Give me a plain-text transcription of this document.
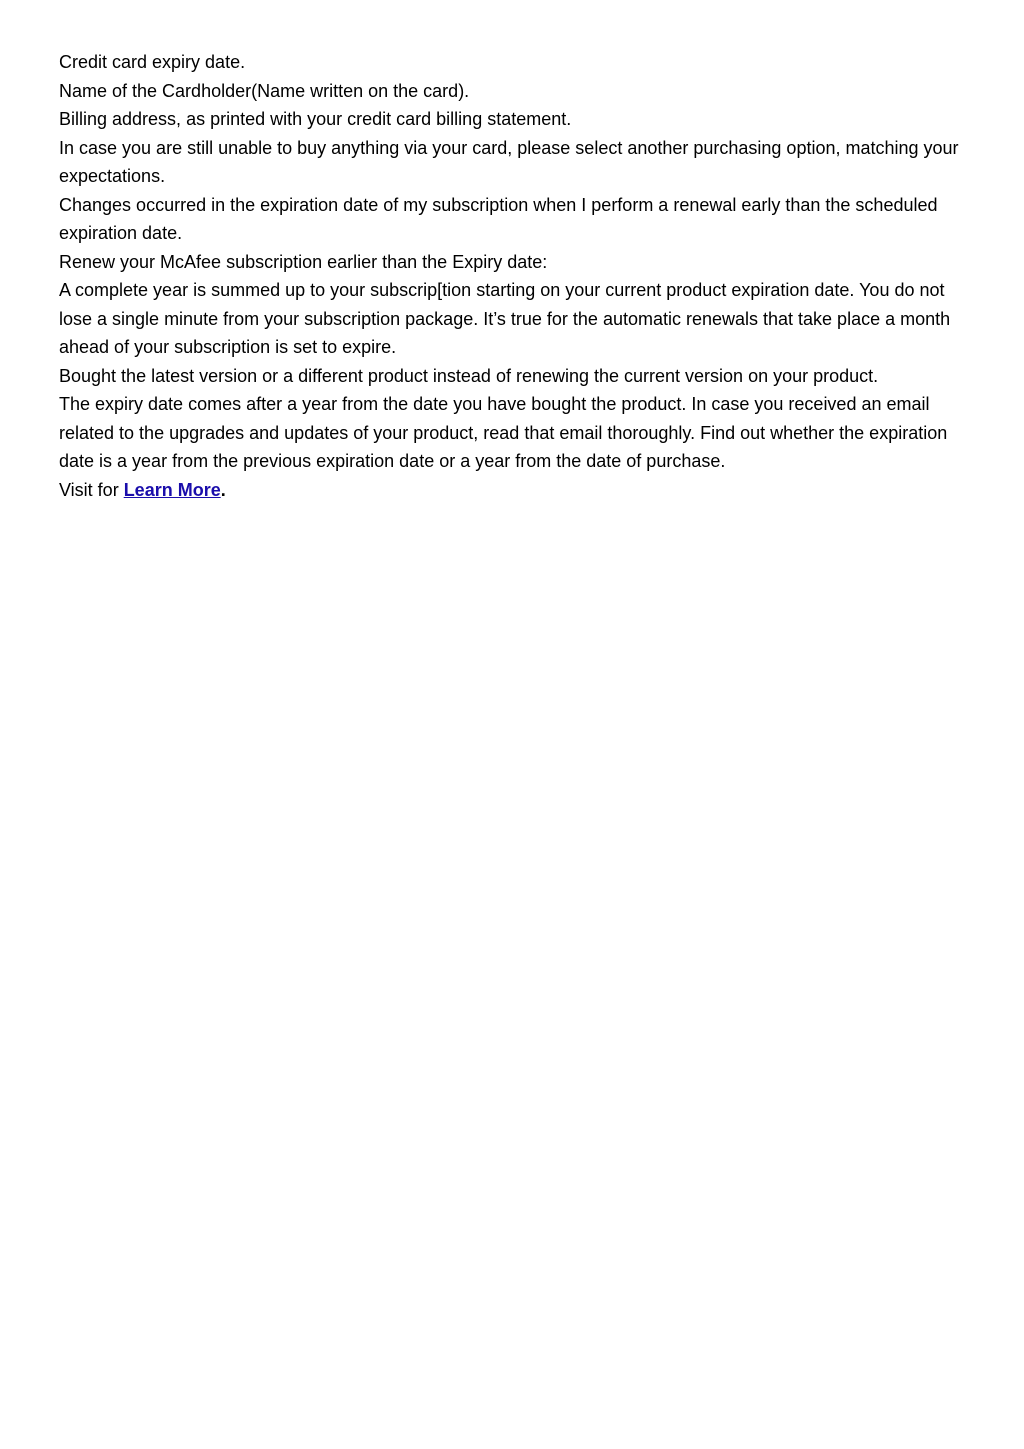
Credit card expiry date.

Name of the Cardholder(Name written on the card).

Billing address, as printed with your credit card billing statement.

In case you are still unable to buy anything via your card, please select another purchasing option, matching your expectations.

Changes occurred in the expiration date of my subscription when I perform a renewal early than the scheduled expiration date.

Renew your McAfee subscription earlier than the Expiry date:

A complete year is summed up to your subscrip[tion starting on your current product expiration date. You do not lose a single minute from your subscription package. It’s true for the automatic renewals that take place a month ahead of your subscription is set to expire.

Bought the latest version or a different product instead of renewing the current version on your product.

The expiry date comes after a year from the date you have bought the product. In case you received an email related to the upgrades and updates of your product, read that email thoroughly. Find out whether the expiration date is a year from the previous expiration date or a year from the date of purchase.

Visit for Learn More.
